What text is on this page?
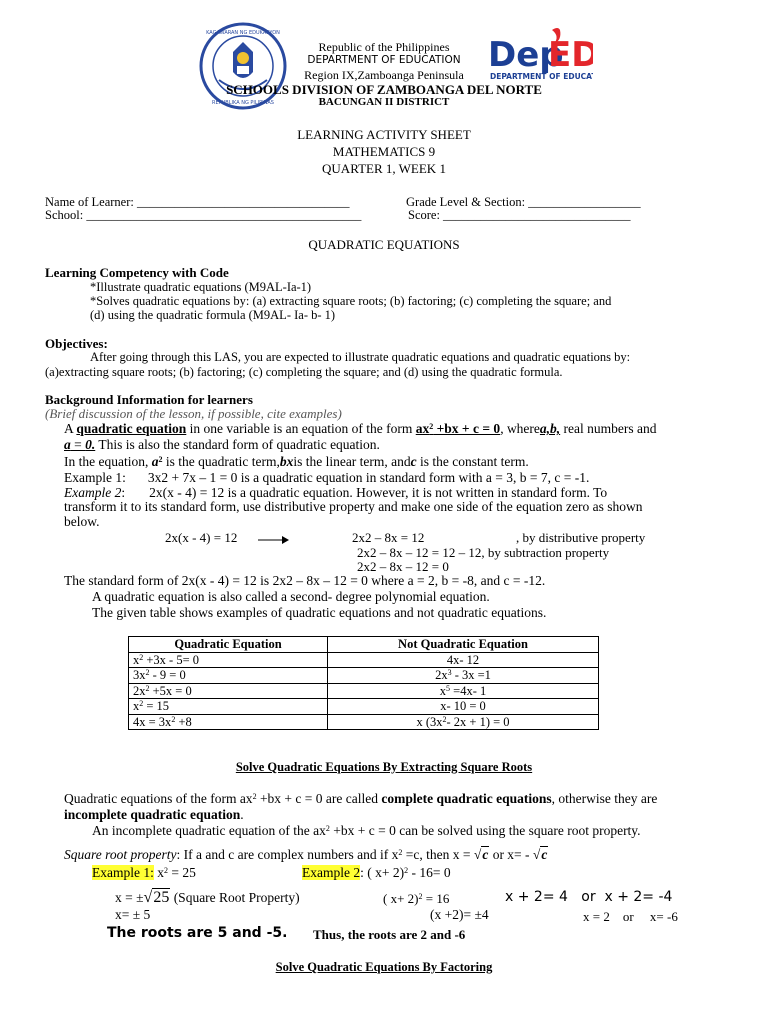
KAGAWARAN NG EDUKASYON
REPUBLIKA NG PILIPINAS
Dep
ED
DEPARTMENT OF EDUCA
Republic of the Philippines
DEPARTMENT OF EDUCATION
Region IX,Zamboanga Peninsula
SCHOOLS DIVISION OF ZAMBOANGA DEL NORTE
BACUNGAN II DISTRICT
LEARNING ACTIVITY SHEET
MATHEMATICS 9
QUARTER 1, WEEK 1
Name of Learner: __________________________________	Grade Level & Section: __________________
School: ____________________________________________	Score: ______________________________
QUADRATIC EQUATIONS
Learning Competency with Code
*Illustrate quadratic equations (M9AL-Ia-1)
*Solves quadratic equations by: (a) extracting square roots; (b) factoring; (c) completing the square; and
(d) using the quadratic formula (M9AL- Ia- b- 1)
Objectives:
After going through this LAS, you are expected to illustrate quadratic equations and quadratic equations by:
(a)extracting square roots; (b) factoring; (c) completing the square; and (d) using the quadratic formula.
Background Information for learners
(Brief discussion of the lesson, if possible, cite examples)
A quadratic equation in one variable is an equation of the form $ax^2 +bx + c = 0$, wherea,b, real numbers and
a = 0. This is also the standard form of quadratic equation.
In the equation, $a^2$ is the quadratic term,bxis the linear term, andc is the constant term.
Example 1: 3x2 + 7x – 1 = 0 is a quadratic equation in standard form with a = 3, b = 7, c = -1.
Example 2: 2x(x - 4) = 12 is a quadratic equation. However, it is not written in standard form. To
transform it to its standard form, use distributive property and make one side of the equation zero as shown
below.
2x(x - 4) = 12	2x2 – 8x = 12	, by distributive property
2x2 – 8x – 12 = 12 – 12, by subtraction property
2x2 – 8x – 12 = 0
The standard form of 2x(x - 4) = 12 is 2x2 – 8x – 12 = 0 where a = 2, b = -8, and c = -12.
A quadratic equation is also called a second- degree polynomial equation.
The given table shows examples of quadratic equations and not quadratic equations.
Quadratic Equation	Not Quadratic Equation
$x^2 +3x - 5= 0$	4x- 12
$3x^2 - 9 = 0$	$2x^3 - 3x =1$
$2x^2 +5x = 0$	$x^5 =4x-$ 1
$x^2 = 15$	x- 10 = 0
$4x = 3x^2 +8$	x ($3x^2-$ 2x + 1) = 0
Solve Quadratic Equations By Extracting Square Roots
Quadratic equations of the form $ax^2 +bx + c = 0$ are called complete quadratic equations, otherwise they are
incomplete quadratic equation.
An incomplete quadratic equation of the $ax^2 +bx + c = 0$ can be solved using the square root property.
Square root property: If a and c are complex numbers and if $x^2 =c$, then x = √c or x= - √c
Example 1: $x^2 = 25$	Example 2: ( x+ 2)$^2$ - 16= 0
x = ±√25 (Square Root Property)	( x+ 2)$^2$ = 16	x + 2= 4   or  x + 2= -4
x= ± 5	(x +2)= ±4	x = 2    or     x= -6
The roots are 5 and -5. Thus, the roots are 2 and -6
Solve Quadratic Equations By Factoring
